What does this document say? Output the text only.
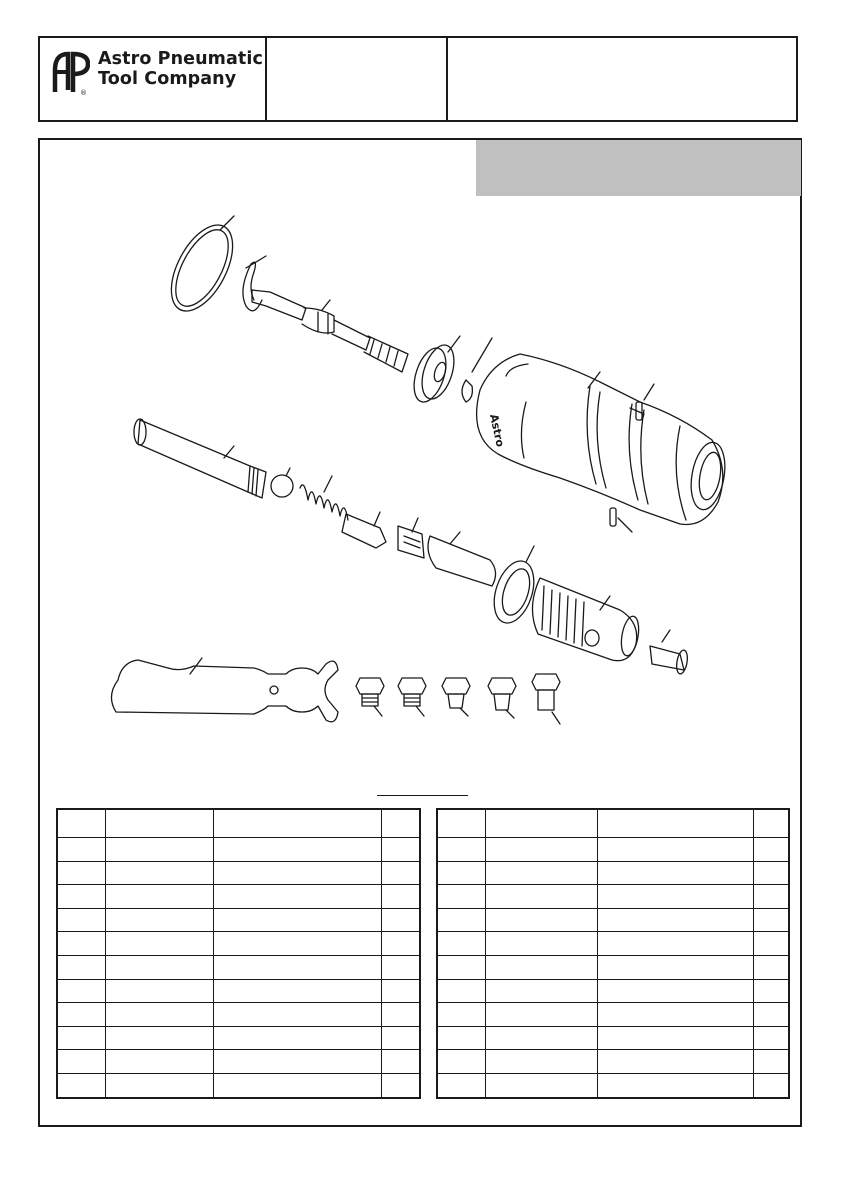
®
Astro Pneumatic
Tool Company
Astro
